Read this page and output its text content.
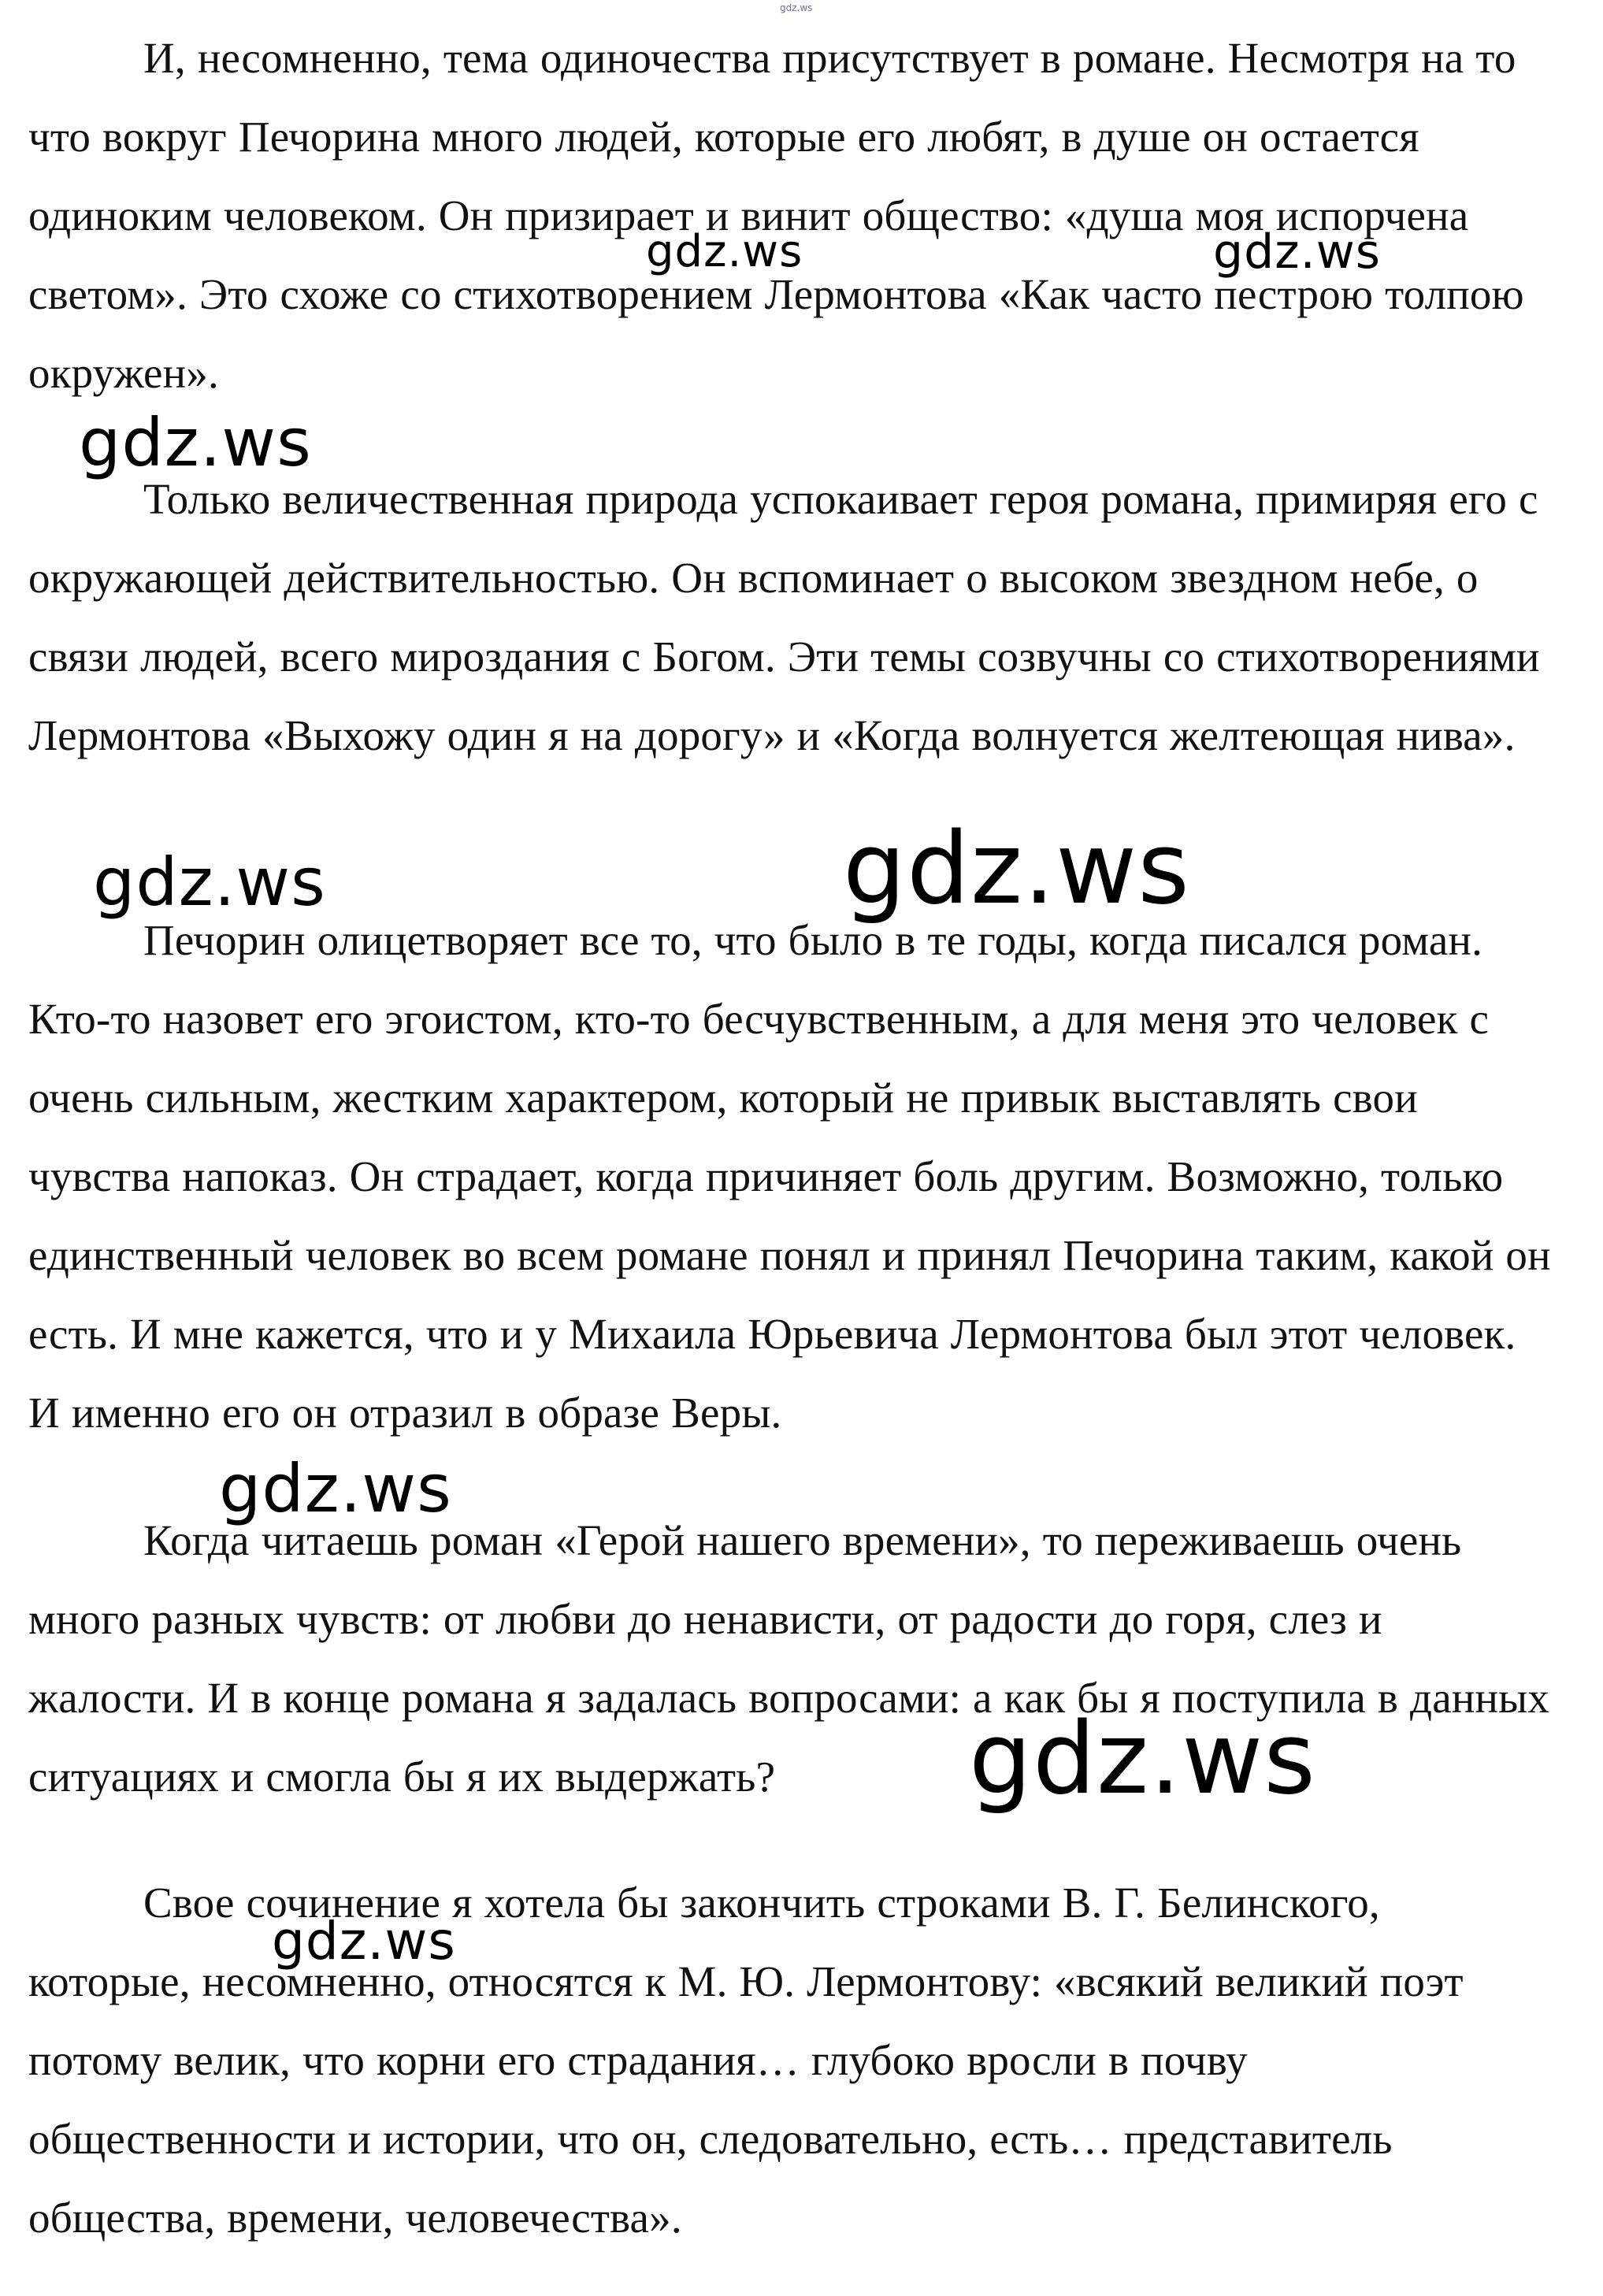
gdz.ws

И, несомненно, тема одиночества присутствует в романе. Несмотря на то что вокруг Печорина много людей, которые его любят, в душе он остается одиноким человеком. Он призирает и винит общество: «душа моя испорчена светом». Это схоже со стихотворением Лермонтова «Как часто пестрою толпою окружен».

Только величественная природа успокаивает героя романа, примиряя его с окружающей действительностью. Он вспоминает о высоком звездном небе, о связи людей, всего мироздания с Богом. Эти темы созвучны со стихотворениями Лермонтова «Выхожу один я на дорогу» и «Когда волнуется желтеющая нива».

Печорин олицетворяет все то, что было в те годы, когда писался роман. Кто-то назовет его эгоистом, кто-то бесчувственным, а для меня это человек с очень сильным, жестким характером, который не привык выставлять свои чувства напоказ. Он страдает, когда причиняет боль другим. Возможно, только единственный человек во всем романе понял и принял Печорина таким, какой он есть. И мне кажется, что и у Михаила Юрьевича Лермонтова был этот человек. И именно его он отразил в образе Веры.

Когда читаешь роман «Герой нашего времени», то переживаешь очень много разных чувств: от любви до ненависти, от радости до горя, слез и жалости. И в конце романа я задалась вопросами: а как бы я поступила в данных ситуациях и смогла бы я их выдержать?

Свое сочинение я хотела бы закончить строками В. Г. Белинского, которые, несомненно, относятся к М. Ю. Лермонтову: «всякий великий поэт потому велик, что корни его страдания… глубоко вросли в почву общественности и истории, что он, следовательно, есть… представитель общества, времени, человечества».

gdz.ws	gdz.ws
gdz.ws
gdz.ws	gdz.ws
gdz.ws
gdz.ws
gdz.ws
